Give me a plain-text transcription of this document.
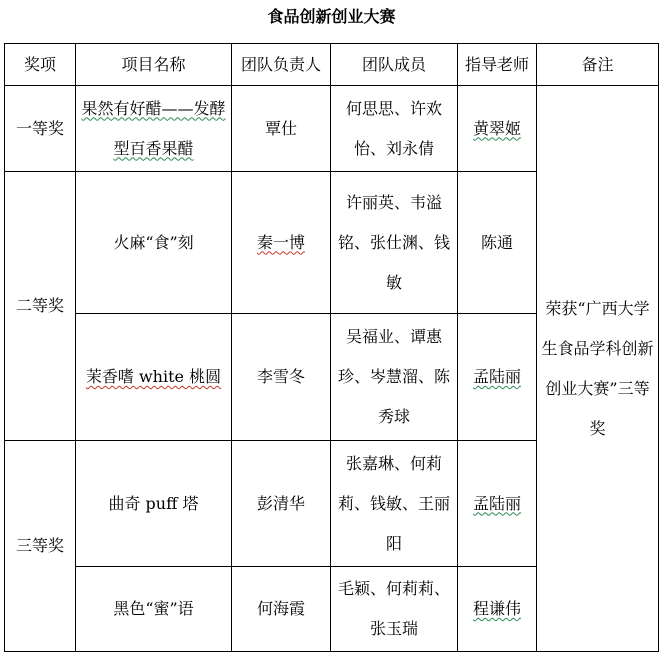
食品创新创业大赛
奖项	项目名称	团队负责人	团队成员	指导老师	备注
一等奖	果然有好醋——发酵型百香果醋	覃仕	何思思、许欢怡、刘永倩	黄翠姬	荣获“广西大学生食品学科创新创业大赛”三等奖
二等奖	火麻“食”刻	秦一博	许丽英、韦溢铭、张仕渊、钱敏	陈通	
	茉香嗜 white 桃圆	李雪冬	吴福业、谭惠珍、岑慧溜、陈秀球	孟陆丽	
三等奖	曲奇 puff 塔	彭清华	张嘉琳、何莉莉、钱敏、王丽阳	孟陆丽	
	黑色“蜜”语	何海霞	毛颖、何莉莉、张玉瑞	程谦伟	
